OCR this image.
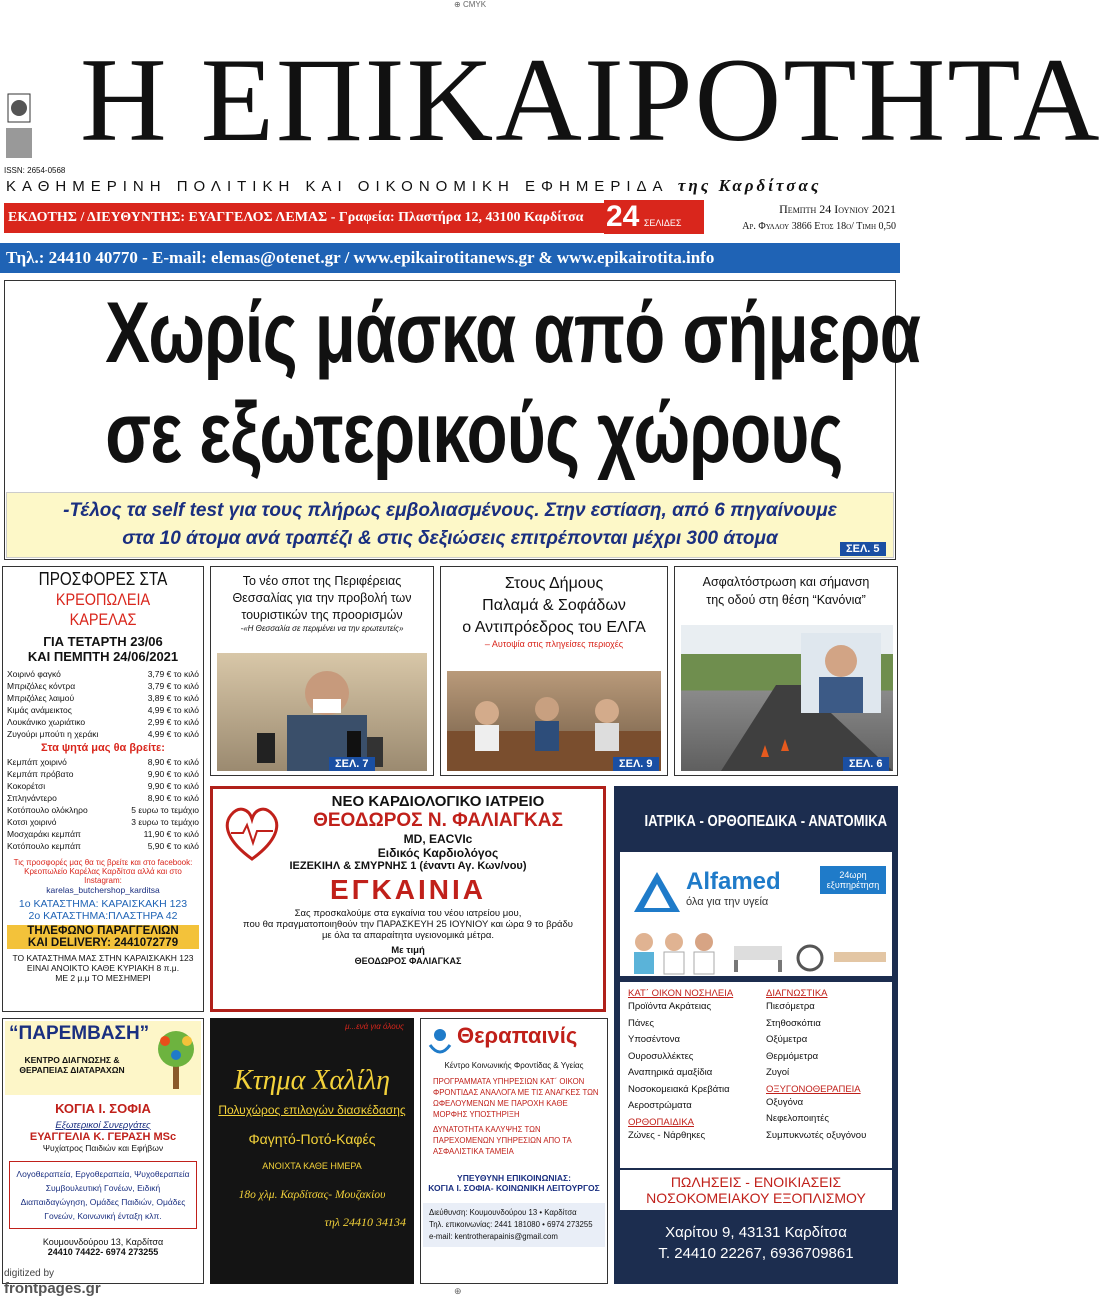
⊕ CMYK
Η ΕΠΙΚΑΙΡΟΤΗΤΑ
ISSN: 2654-0568
ΚΑΘΗΜΕΡΙΝΗ ΠΟΛΙΤΙΚΗ ΚΑΙ ΟΙΚΟΝΟΜΙΚΗ ΕΦΗΜΕΡΙΔΑ της Καρδίτσας
ΕΚΔΟΤΗΣ / ΔΙΕΥΘΥΝΤΗΣ: ΕΥΑΓΓΕΛΟΣ ΛΕΜΑΣ - Γραφεία: Πλαστήρα 12, 43100 Καρδίτσα 24 ΣΕΛΙΔΕΣ
Πεμπτη 24 Ιουνιου 2021
Αρ. Φυλλου 3866 Ετος 18ο/ Τιμη 0,50
Τηλ.: 24410 40770 - E-mail: elemas@otenet.gr / www.epikairotitanews.gr & www.epikairotita.info
Χωρίς μάσκα από σήμερα
σε εξωτερικούς χώρους
-Τέλος τα self test για τους πλήρως εμβολιασμένους. Στην εστίαση, από 6 πηγαίνουμε
στα 10 άτομα ανά τραπέζι & στις δεξιώσεις επιτρέπονται μέχρι 300 άτομα	ΣΕΛ. 5
ΠΡΟΣΦΟΡΕΣ ΣΤΑ
ΚΡΕΟΠΩΛΕΙΑ ΚΑΡΕΛΑΣ
ΓΙΑ ΤΕΤΑΡΤΗ 23/06
ΚΑΙ ΠΕΜΠΤΗ 24/06/2021
Χοιρινό φαγκό	3,79 € το κιλό
Μπριζόλες κόντρα	3,79 € το κιλό
Μπριζόλες λαιμού	3,89 € το κιλό
Κιμάς ανάμεικτος	4,99 € το κιλό
Λουκάνικο χωριάτικο	2,99 € το κιλό
Ζυγούρι μπούτι η χεράκι	4,99 € το κιλό
Στα ψητά μας θα βρείτε:
Κεμπάπ χοιρινό	8,90 € το κιλό
Κεμπάπ πρόβατο	9,90 € το κιλό
Κοκορέτσι	9,90 € το κιλό
Σπληνάντερο	8,90 € το κιλό
Κοτόπουλο ολόκληρο	5 ευρω το τεμάχιο
Κοτσι χοιρινό	3 ευρω το τεμάχιο
Μοσχαράκι κεμπάπ	11,90 € το κιλό
Κοτόπουλο κεμπάπ	5,90 € το κιλό
Τις προσφορές μας θα τις βρείτε και στο facebook:
Κρεοπωλείο Καρέλας Καρδίτσα αλλά και στο Instagram:
karelas_butchershop_karditsa
1ο ΚΑΤΑΣΤΗΜΑ: ΚΑΡΑΙΣΚΑΚΗ 123
2ο ΚΑΤΑΣΤΗΜΑ:ΠΛΑΣΤΗΡΑ 42
ΤΗΛΕΦΩΝΟ ΠΑΡΑΓΓΕΛΙΩΝ
ΚΑΙ DELIVERY: 2441072779
ΤΟ ΚΑΤΑΣΤΗΜΑ ΜΑΣ ΣΤΗΝ ΚΑΡΑΙΣΚΑΚΗ 123
ΕΙΝΑΙ ΑΝΟΙΚΤΟ ΚΑΘΕ ΚΥΡΙΑΚΗ 8 π.μ.
ΜΕ 2 μ.μ ΤΟ ΜΕΣΗΜΕΡΙ
Το νέο σποτ της Περιφέρειας
Θεσσαλίας για την προβολή των
τουριστικών της προορισμών
-«Η Θεσσαλία σε περιμένει να την ερωτευτείς»
ΣΕΛ. 7
Στους Δήμους
Παλαμά & Σοφάδων
ο Αντιπρόεδρος του ΕΛΓΑ
– Αυτοψία στις πληγείσες περιοχές
ΣΕΛ. 9
Ασφαλτόστρωση και σήμανση
της οδού στη θέση “Κανόνια”
ΣΕΛ. 6
ΝΕΟ ΚΑΡΔΙΟΛΟΓΙΚΟ ΙΑΤΡΕΙΟ
ΘΕΟΔΩΡΟΣ Ν. ΦΑΛΙΑΓΚΑΣ
MD, EACVIc
Ειδικός Καρδιολόγος
ΙΕΖΕΚΙΗΛ & ΣΜΥΡΝΗΣ 1 (έναντι Αγ. Κων/νου)
ΕΓΚΑΙΝΙΑ
Σας προσκαλούμε στα εγκαίνια του νέου ιατρείου μου,
που θα πραγματοποιηθούν την ΠΑΡΑΣΚΕΥΗ 25 ΙΟΥΝΙΟΥ και ώρα 9 το βράδυ
με όλα τα απαραίτητα υγειονομικά μέτρα.
Με τιμή
ΘΕΟΔΩΡΟΣ ΦΑΛΙΑΓΚΑΣ
ΙΑΤΡΙΚΑ - ΟΡΘΟΠΕΔΙΚΑ - ΑΝΑΤΟΜΙΚΑ
Alfamed
όλα για την υγεία
24ωρη εξυπηρέτηση
ΚΑΤ΄ ΟΙΚΟΝ ΝΟΣΗΛΕΙΑ
Προϊόντα Ακράτειας
Πάνες
Υποσέντονα
Ουροσυλλέκτες
Αναπηρικά αμαξίδια
Νοσοκομειακά Κρεβάτια
Αεροστρώματα
ΟΡΘΟΠΑΙΔΙΚΑ
Ζώνες - Νάρθηκες
ΔΙΑΓΝΩΣΤΙΚΑ
Πιεσόμετρα
Στηθοσκόπια
Οξύμετρα
Θερμόμετρα
Ζυγοί
ΟΞΥΓΟΝΟΘΕΡΑΠΕΙΑ
Οξυγόνα
Νεφελοποιητές
Συμπυκνωτές οξυγόνου
ΠΩΛΗΣΕΙΣ - ΕΝΟΙΚΙΑΣΕΙΣ
ΝΟΣΟΚΟΜΕΙΑΚΟΥ ΕΞΟΠΛΙΣΜΟΥ
Χαρίτου 9, 43131 Καρδίτσα
Τ. 24410 22267, 6936709861
“ΠΑΡΕΜΒΑΣΗ”
ΚΕΝΤΡΟ ΔΙΑΓΝΩΣΗΣ & ΘΕΡΑΠΕΙΑΣ ΔΙΑΤΑΡΑΧΩΝ
ΚΟΓΙΑ Ι. ΣΟΦΙΑ
Εξωτερικοί Συνεργάτες
ΕΥΑΓΓΕΛΙΑ Κ. ΓΕΡΑΣΗ MSc
Ψυχίατρος Παιδιών και Εφήβων
Λογοθεραπεία, Εργοθεραπεία, Ψυχοθεραπεία Συμβουλευτική Γονέων, Ειδική Διαπαιδαγώγηση, Ομάδες Παιδιών, Ομάδες Γονεών, Κοινωνική ένταξη κλπ.
Κουμουνδούρου 13, Καρδίτσα
24410 74422- 6974 273255
μ...ενά για όλους
Κτημα Χαλίλη
Πολυχώρος επιλογών διασκέδασης
Φαγητό-Ποτό-Καφές
ΑΝΟΙΧΤΑ ΚΑΘΕ ΗΜΕΡΑ
18ο χλμ. Καρδίτσας- Μουζακίου
τηλ 24410 34134
Θεραπαινίς
Κέντρο Κοινωνικής Φροντίδας & Υγείας
ΠΡΟΓΡΑΜΜΑΤΑ ΥΠΗΡΕΣΙΩΝ ΚΑΤ΄ ΟΙΚΟΝ ΦΡΟΝΤΙΔΑΣ ΑΝΑΛΟΓΑ ΜΕ ΤΙΣ ΑΝΑΓΚΕΣ ΤΩΝ ΩΦΕΛΟΥΜΕΝΩΝ ΜΕ ΠΑΡΟΧΗ ΚΑΘΕ ΜΟΡΦΗΣ ΥΠΟΣΤΗΡΙΞΗ
ΔΥΝΑΤΟΤΗΤΑ ΚΑΛΥΨΗΣ ΤΩΝ ΠΑΡΕΧΟΜΕΝΩΝ ΥΠΗΡΕΣΙΩΝ ΑΠΟ ΤΑ ΑΣΦΑΛΙΣΤΙΚΑ ΤΑΜΕΙΑ
ΥΠΕΥΘΥΝΗ ΕΠΙΚΟΙΝΩΝΙΑΣ:
ΚΟΓΙΑ Ι. ΣΟΦΙΑ- ΚΟΙΝΩΝΙΚΗ ΛΕΙΤΟΥΡΓΟΣ
Διεύθυνση: Κουμουνδούρου 13 • Καρδίτσα
Τηλ. επικοινωνίας: 2441 181080 • 6974 273255
e-mail: kentrotherapainis@gmail.com
digitized by
frontpages.gr	⊕
